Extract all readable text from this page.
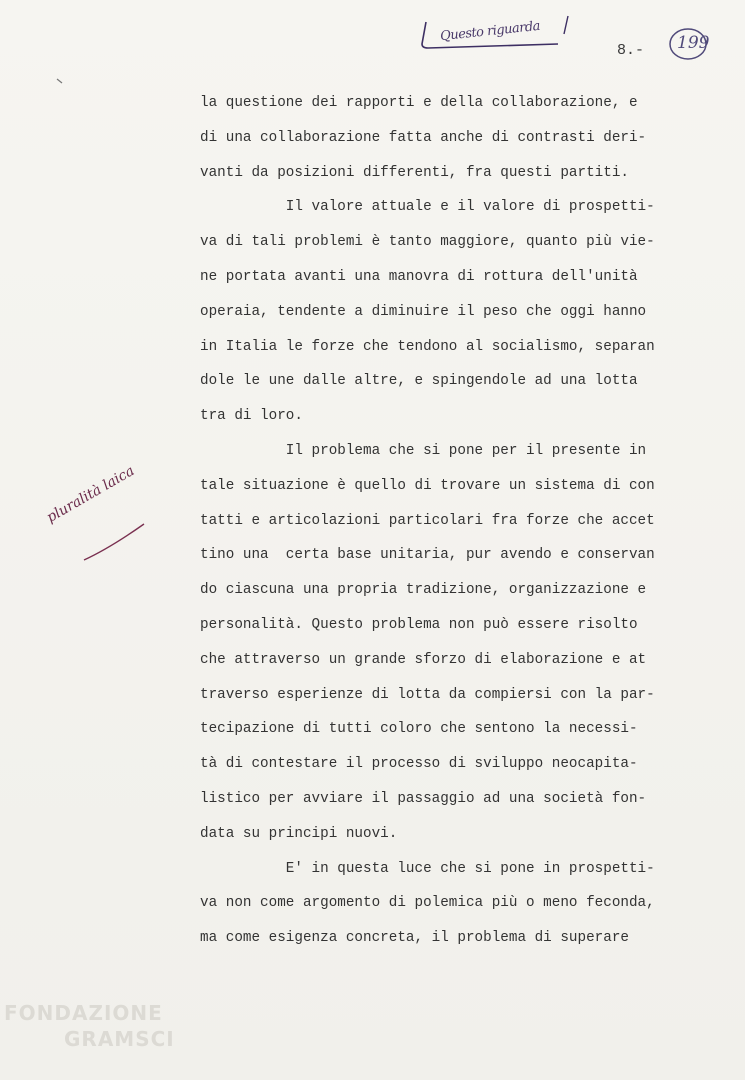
Questo riguarda
8.- 199
la questione dei rapporti e della collaborazione, e
di una collaborazione fatta anche di contrasti deri-
vanti da posizioni differenti, fra questi partiti.
Il valore attuale e il valore di prospetti-
va di tali problemi è tanto maggiore, quanto più vie-
ne portata avanti una manovra di rottura dell'unità
operaia, tendente a diminuire il peso che oggi hanno
in Italia le forze che tendono al socialismo, separan
dole le une dalle altre, e spingendole ad una lotta
tra di loro.
Il problema che si pone per il presente in
tale situazione è quello di trovare un sistema di con
tatti e articolazioni particolari fra forze che accet
tino una  certa base unitaria, pur avendo e conservan
do ciascuna una propria tradizione, organizzazione e
personalità. Questo problema non può essere risolto
che attraverso un grande sforzo di elaborazione e at
traverso esperienze di lotta da compiersi con la par-
tecipazione di tutti coloro che sentono la necessi-
tà di contestare il processo di sviluppo neocapita-
listico per avviare il passaggio ad una società fon-
data su principi nuovi.
E' in questa luce che si pone in prospetti-
va non come argomento di polemica più o meno feconda,
ma come esigenza concreta, il problema di superare
pluralità laica
FONDAZIONE
GRAMSCI
